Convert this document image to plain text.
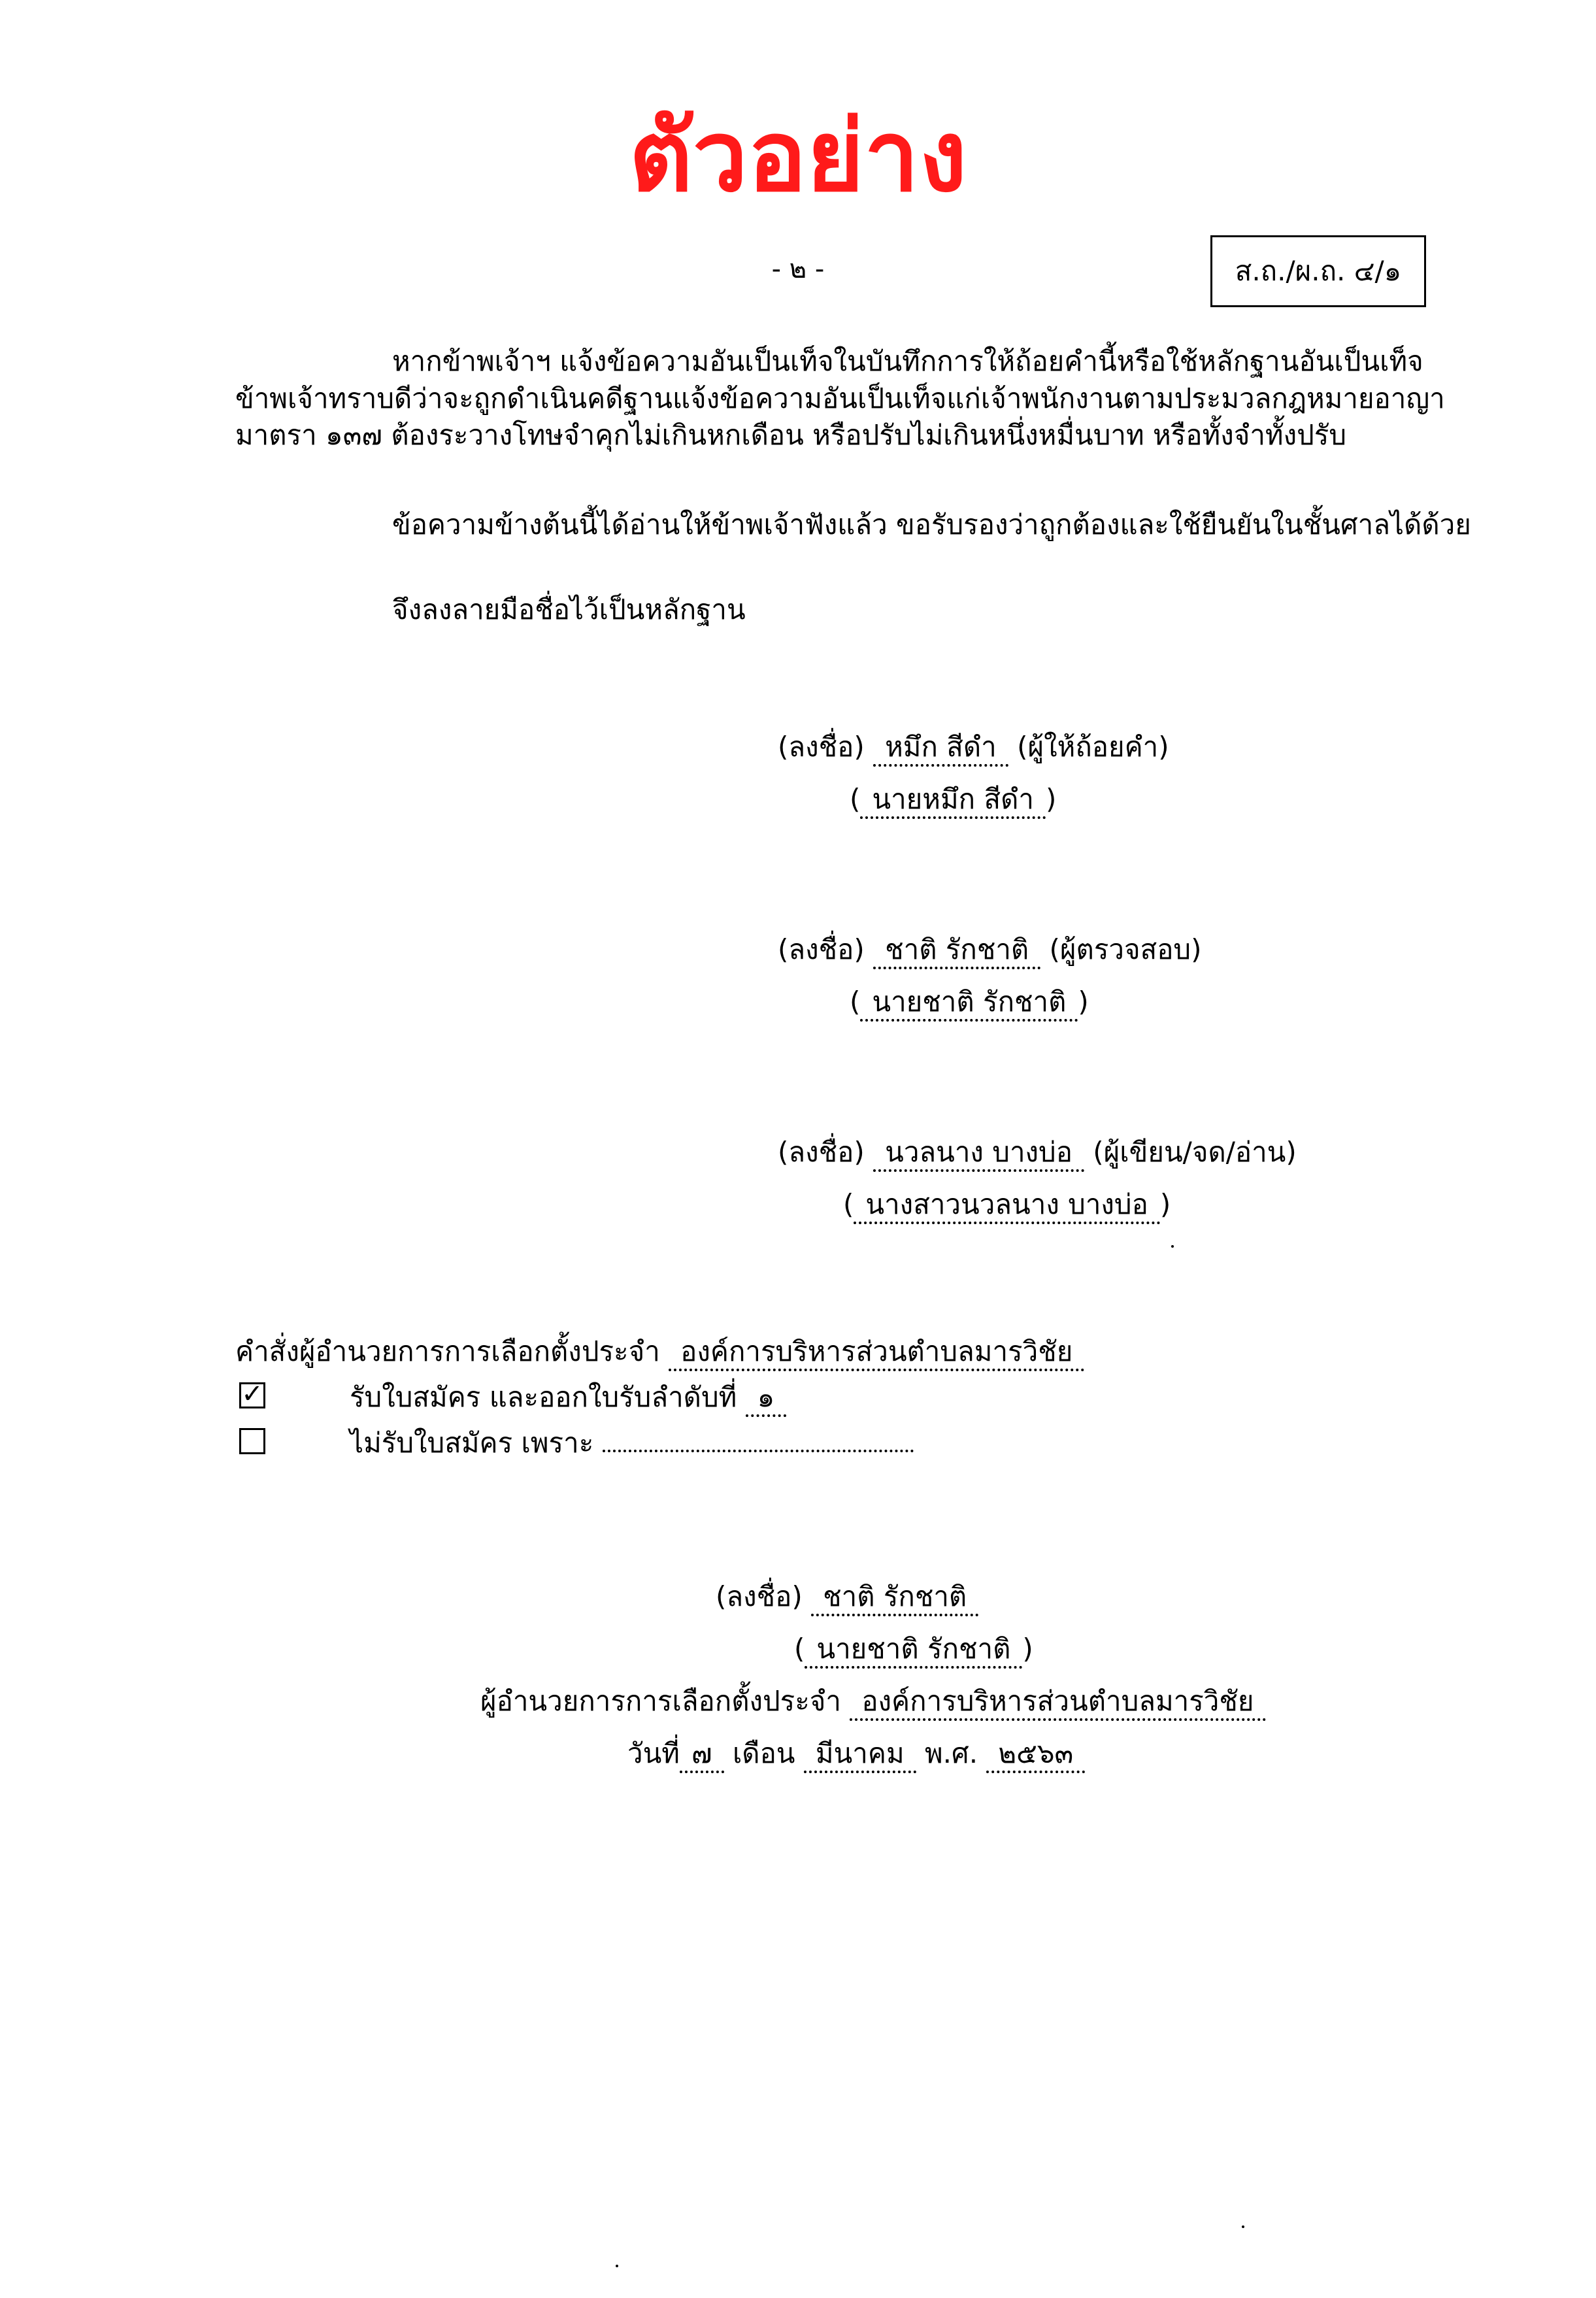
ตัวอย่าง
- ๒ -	ส.ถ./ผ.ถ. ๔/๑
หากข้าพเจ้าฯ แจ้งข้อความอันเป็นเท็จในบันทึกการให้ถ้อยคำนี้หรือใช้หลักฐานอันเป็นเท็จ ข้าพเจ้าทราบดีว่าจะถูกดำเนินคดีฐานแจ้งข้อความอันเป็นเท็จแก่เจ้าพนักงานตามประมวลกฎหมายอาญา มาตรา ๑๓๗ ต้องระวางโทษจำคุกไม่เกินหกเดือน หรือปรับไม่เกินหนึ่งหมื่นบาท หรือทั้งจำทั้งปรับ
ข้อความข้างต้นนี้ได้อ่านให้ข้าพเจ้าฟังแล้ว ขอรับรองว่าถูกต้องและใช้ยืนยันในชั้นศาลได้ด้วย
จึงลงลายมือชื่อไว้เป็นหลักฐาน
(ลงชื่อ) หมึก สีดำ (ผู้ให้ถ้อยคำ)
( นายหมึก สีดำ )
(ลงชื่อ) ชาติ รักชาติ (ผู้ตรวจสอบ)
( นายชาติ รักชาติ )
(ลงชื่อ) นวลนาง บางบ่อ (ผู้เขียน/จด/อ่าน)
( นางสาวนวลนาง บางบ่อ )
คำสั่งผู้อำนวยการการเลือกตั้งประจำ องค์การบริหารส่วนตำบลมารวิชัย
✓	รับใบสมัคร และออกใบรับลำดับที่ ๑
ไม่รับใบสมัคร เพราะ
(ลงชื่อ) ชาติ รักชาติ
( นายชาติ รักชาติ )
ผู้อำนวยการการเลือกตั้งประจำ องค์การบริหารส่วนตำบลมารวิชัย
วันที่ ๗ เดือน มีนาคม พ.ศ. ๒๕๖๓
